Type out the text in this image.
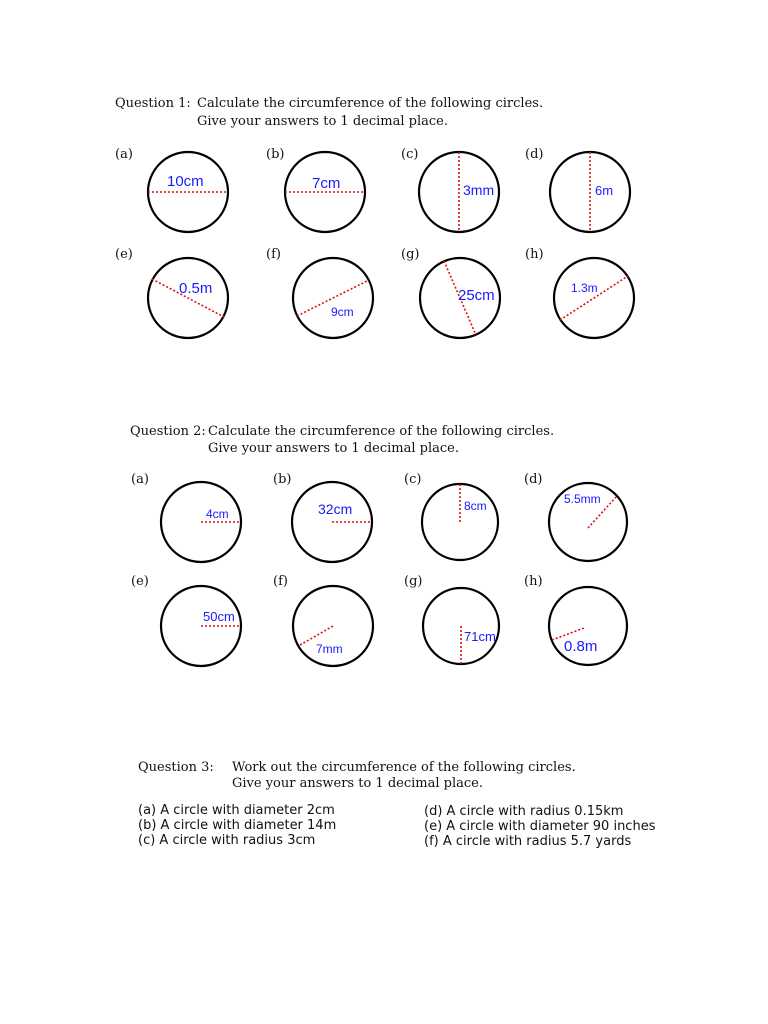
Question 1: Calculate the circumference of the following circles.
Give your answers to 1 decimal place.
(a)	(b)	(c)	(d)
(e)	(f)	(g)	(h)
Question 2: Calculate the circumference of the following circles.
Give your answers to 1 decimal place.
(a)	(b)	(c)	(d)
(e)	(f)	(g)	(h)
10cm	7cm	3mm	6m
0.5m
9cm
25cm	1.3m
4cm	32cm	8cm	5.5mm
50cm
7mm
71cm
0.8m
Question 3: Work out the circumference of the following circles.
Give your answers to 1 decimal place.
(a) A circle with diameter 2cm
(b) A circle with diameter 14m
(c) A circle with radius 3cm
(d) A circle with radius 0.15km
(e) A circle with diameter 90 inches
(f) A circle with radius 5.7 yards
